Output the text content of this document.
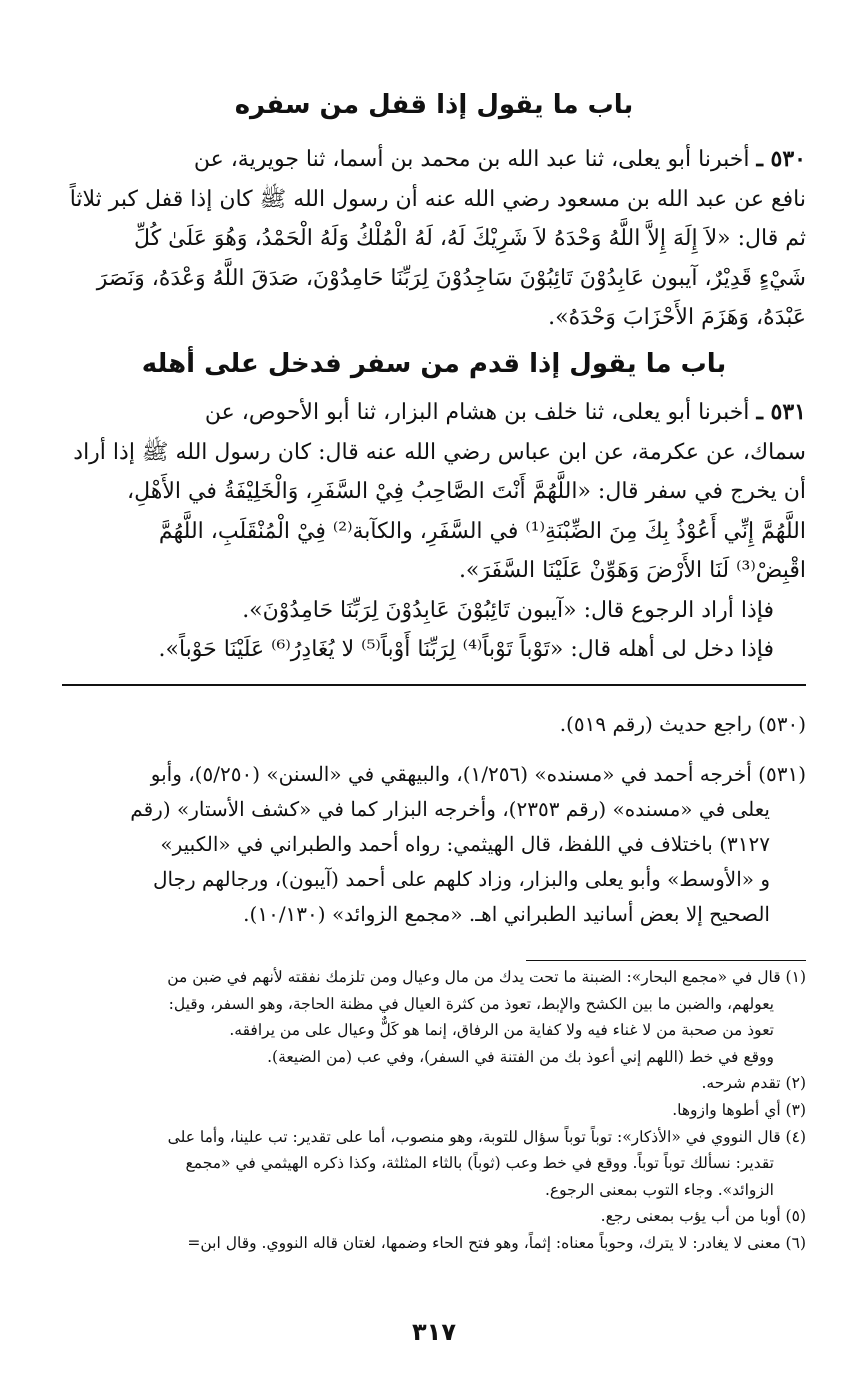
باب ما يقول إذا قفل من سفره
٥٣٠ ـ أخبرنا أبو يعلى، ثنا عبد الله بن محمد بن أسما، ثنا جويرية، عن
نافع عن عبد الله بن مسعود رضي الله عنه أن رسول الله ﷺ كان إذا قفل كبر ثلاثاً
ثم قال: «لاَ إِلَهَ إِلاَّ اللَّهُ وَحْدَهُ لاَ شَرِيْكَ لَهُ، لَهُ الْمُلْكُ وَلَهُ الْحَمْدُ، وَهُوَ عَلَىٰ كُلِّ
شَيْءٍ قَدِيْرٌ، آيبون عَابِدُوْنَ تَائِبُوْنَ سَاجِدُوْنَ لِرَبِّنَا حَامِدُوْنَ، صَدَقَ اللَّهُ وَعْدَهُ، وَنَصَرَ
عَبْدَهُ، وَهَزَمَ الأَحْزَابَ وَحْدَهُ».
باب ما يقول إذا قدم من سفر فدخل على أهله
٥٣١ ـ أخبرنا أبو يعلى، ثنا خلف بن هشام البزار، ثنا أبو الأحوص، عن
سماك، عن عكرمة، عن ابن عباس رضي الله عنه قال: كان رسول الله ﷺ إذا أراد
أن يخرج في سفر قال: «اللَّهُمَّ أَنْتَ الصَّاحِبُ فِيْ السَّفَرِ، وَالْخَلِيْفَةُ في الأَهْلِ،
اللَّهُمَّ إِنِّي أَعُوْذُ بِكَ مِنَ الضِّبْنَةِ⁽¹⁾ في السَّفَرِ، والكآبة⁽²⁾ فِيْ الْمُنْقَلَبِ، اللَّهُمَّ
اقْبِضْ⁽³⁾ لَنَا الأَرْضَ وَهَوِّنْ عَلَيْنَا السَّفَرَ».
فإذا أراد الرجوع قال: «آيبون تَائِبُوْنَ عَابِدُوْنَ لِرَبِّنَا حَامِدُوْنَ».
فإذا دخل لى أهله قال: «تَوْباً تَوْباً⁽⁴⁾ لِرَبِّنَا أَوْباً⁽⁵⁾ لا يُغَادِرُ⁽⁶⁾ عَلَيْنَا حَوْباً».
(٥٣٠) راجع حديث (رقم ٥١٩).
(٥٣١) أخرجه أحمد في «مسنده» (١/٢٥٦)، والبيهقي في «السنن» (٥/٢٥٠)، وأبو
يعلى في «مسنده» (رقم ٢٣٥٣)، وأخرجه البزار كما في «كشف الأستار» (رقم
٣١٢٧) باختلاف في اللفظ، قال الهيثمي: رواه أحمد والطبراني في «الكبير»
و «الأوسط» وأبو يعلى والبزار، وزاد كلهم على أحمد (آيبون)، ورجالهم رجال
الصحيح إلا بعض أسانيد الطبراني اهـ. «مجمع الزوائد» (١٠/١٣٠).
(١) قال في «مجمع البحار»: الضبنة ما تحت يدك من مال وعيال ومن تلزمك نفقته لأنهم في ضبن من
يعولهم، والضبن ما بين الكشح والإبط، تعوذ من كثرة العيال في مظنة الحاجة، وهو السفر، وقيل:
تعوذ من صحبة من لا غناء فيه ولا كفاية من الرفاق، إنما هو كَلٌّ وعيال على من يرافقه.
ووقع في خط (اللهم إني أعوذ بك من الفتنة في السفر)، وفي عب (من الضيعة).
(٢) تقدم شرحه.
(٣) أي أطوها وازوها.
(٤) قال النووي في «الأذكار»: توباً توباً سؤال للتوبة، وهو منصوب، أما على تقدير: تب علينا، وأما على
تقدير: نسألك توباً توباً. ووقع في خط وعب (ثوباً) بالثاء المثلثة، وكذا ذكره الهيثمي في «مجمع
الزوائد». وجاء التوب بمعنى الرجوع.
(٥) أوبا من أب يؤب بمعنى رجع.
(٦) معنى لا يغادر: لا يترك، وحوباً معناه: إثماً، وهو فتح الحاء وضمها، لغتان قاله النووي. وقال ابن=
٣١٧
